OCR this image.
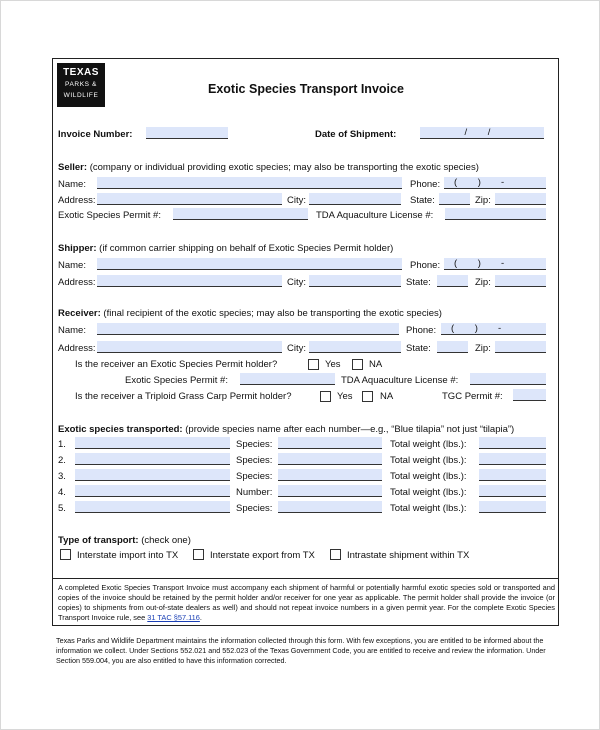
TEXAS
PARKS &
WILDLIFE	Exotic Species Transport Invoice
Invoice Number:	Date of Shipment:	/ /
Seller: (company or individual providing exotic species; may also be transporting the exotic species)
Name:	Phone: ( ) -
Address:	City:	State:	Zip:
Exotic Species Permit #:	TDA Aquaculture License #:
Shipper: (if common carrier shipping on behalf of Exotic Species Permit holder)
Name:	Phone: ( ) -
Address:	City:	State:	Zip:
Receiver: (final recipient of the exotic species; may also be transporting the exotic species)
Name:	Phone: ( ) -
Address:	City:	State:	Zip:
Is the receiver an Exotic Species Permit holder?	Yes	NA
Exotic Species Permit #:	TDA Aquaculture License #:
Is the receiver a Triploid Grass Carp Permit holder?	Yes	NA	TGC Permit #:
Exotic species transported: (provide species name after each number—e.g., “Blue tilapia” not just “tilapia”)
1.	Species:	Total weight (lbs.):
2.	Species:	Total weight (lbs.):
3.	Species:	Total weight (lbs.):
4.	Number:	Total weight (lbs.):
5.	Species:	Total weight (lbs.):
Type of transport: (check one)
Interstate import into TX	Interstate export from TX	Intrastate shipment within TX
A completed Exotic Species Transport Invoice must accompany each shipment of harmful or potentially harmful exotic species sold or transported and copies of the invoice should be retained by the permit holder and/or receiver for one year as applicable. The permit holder shall provide the invoice (or copies) to shipments from out-of-state dealers as well) and should not repeat invoice numbers in a given permit year. For the complete Exotic Species Transport Invoice rule, see 31 TAC §57.116.
Texas Parks and Wildlife Department maintains the information collected through this form. With few exceptions, you are entitled to be informed about the information we collect. Under Sections 552.021 and 552.023 of the Texas Government Code, you are entitled to receive and review the information. Under Section 559.004, you are also entitled to have this information corrected.
